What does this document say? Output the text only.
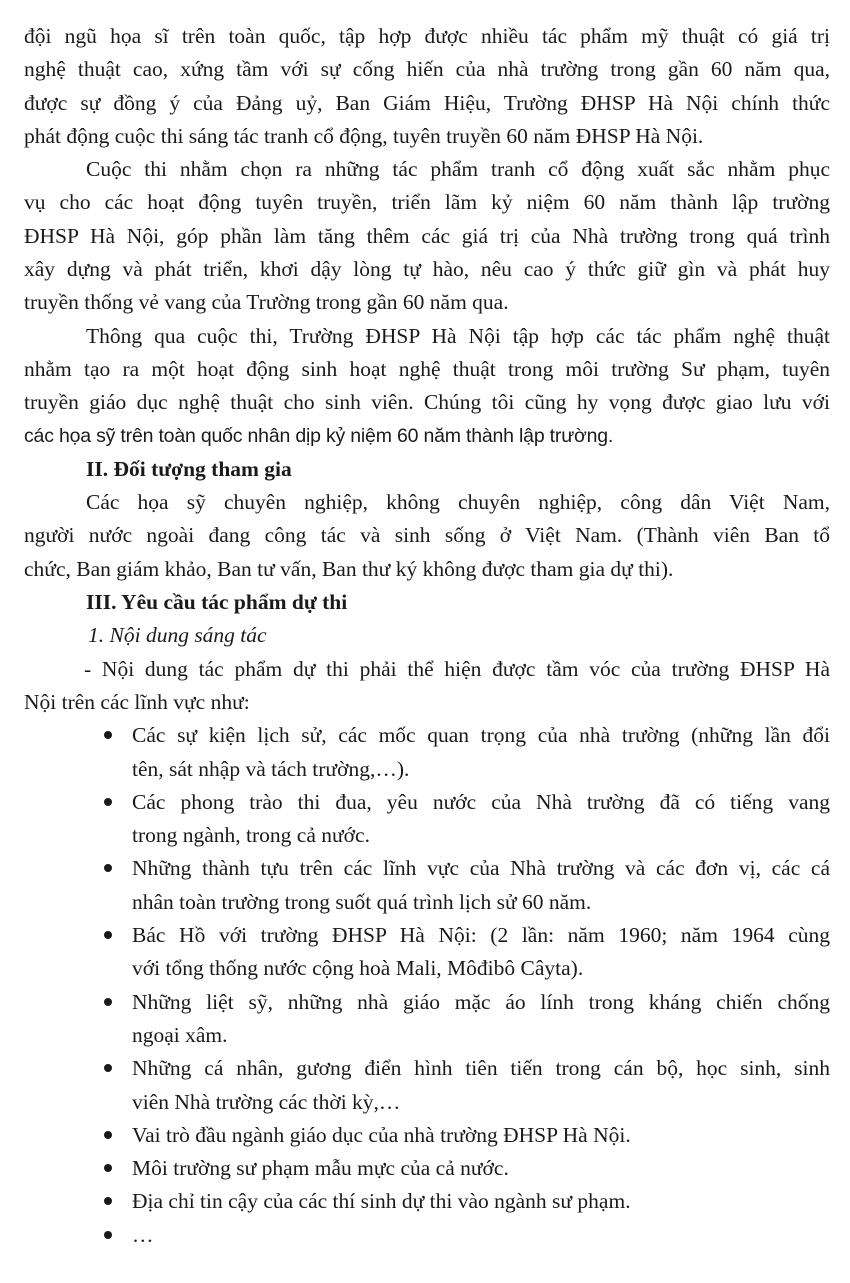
đội ngũ họa sĩ trên toàn quốc, tập hợp được nhiều tác phẩm mỹ thuật có giá trị
nghệ thuật cao, xứng tầm với sự cống hiến của nhà trường trong gần 60 năm qua,
được sự đồng ý của Đảng uỷ, Ban Giám Hiệu, Trường ĐHSP Hà Nội chính thức
phát động cuộc thi sáng tác tranh cổ động, tuyên truyền 60 năm ĐHSP Hà Nội.
Cuộc thi nhằm chọn ra những tác phẩm tranh cổ động xuất sắc nhằm phục
vụ cho các hoạt động tuyên truyền, triển lãm kỷ niệm 60 năm thành lập trường
ĐHSP Hà Nội, góp phần làm tăng thêm các giá trị của Nhà trường trong quá trình
xây dựng và phát triển, khơi dậy lòng tự hào, nêu cao ý thức giữ gìn và phát huy
truyền thống vẻ vang của Trường trong gần 60 năm qua.
Thông qua cuộc thi, Trường ĐHSP Hà Nội tập hợp các tác phẩm nghệ thuật
nhằm tạo ra một hoạt động sinh hoạt nghệ thuật trong môi trường Sư phạm, tuyên
truyền giáo dục nghệ thuật cho sinh viên. Chúng tôi cũng hy vọng được giao lưu với
các họa sỹ trên toàn quốc nhân dịp kỷ niệm 60 năm thành lập trường.
II. Đối tượng tham gia
Các họa sỹ chuyên nghiệp, không chuyên nghiệp, công dân Việt Nam,
người nước ngoài đang công tác và sinh sống ở Việt Nam. (Thành viên Ban tổ
chức, Ban giám khảo, Ban tư vấn, Ban thư ký không được tham gia dự thi).
III. Yêu cầu tác phẩm dự thi
1. Nội dung sáng tác
- Nội dung tác phẩm dự thi phải thể hiện được tầm vóc của trường ĐHSP Hà
Nội trên các lĩnh vực như:
Các sự kiện lịch sử, các mốc quan trọng của nhà trường (những lần đổi
tên, sát nhập và tách trường,…).
Các phong trào thi đua, yêu nước của Nhà trường đã có tiếng vang
trong ngành, trong cả nước.
Những thành tựu trên các lĩnh vực của Nhà trường và các đơn vị, các cá
nhân toàn trường trong suốt quá trình lịch sử 60 năm.
Bác Hồ với trường ĐHSP Hà Nội: (2 lần: năm 1960; năm 1964 cùng
với tổng thống nước cộng hoà Mali, Môđibô Câyta).
Những liệt sỹ, những nhà giáo mặc áo lính trong kháng chiến chống
ngoại xâm.
Những cá nhân, gương điển hình tiên tiến trong cán bộ, học sinh, sinh
viên Nhà trường các thời kỳ,…
Vai trò đầu ngành giáo dục của nhà trường ĐHSP Hà Nội.
Môi trường sư phạm mẫu mực của cả nước.
Địa chỉ tin cậy của các thí sinh dự thi vào ngành sư phạm.
…
